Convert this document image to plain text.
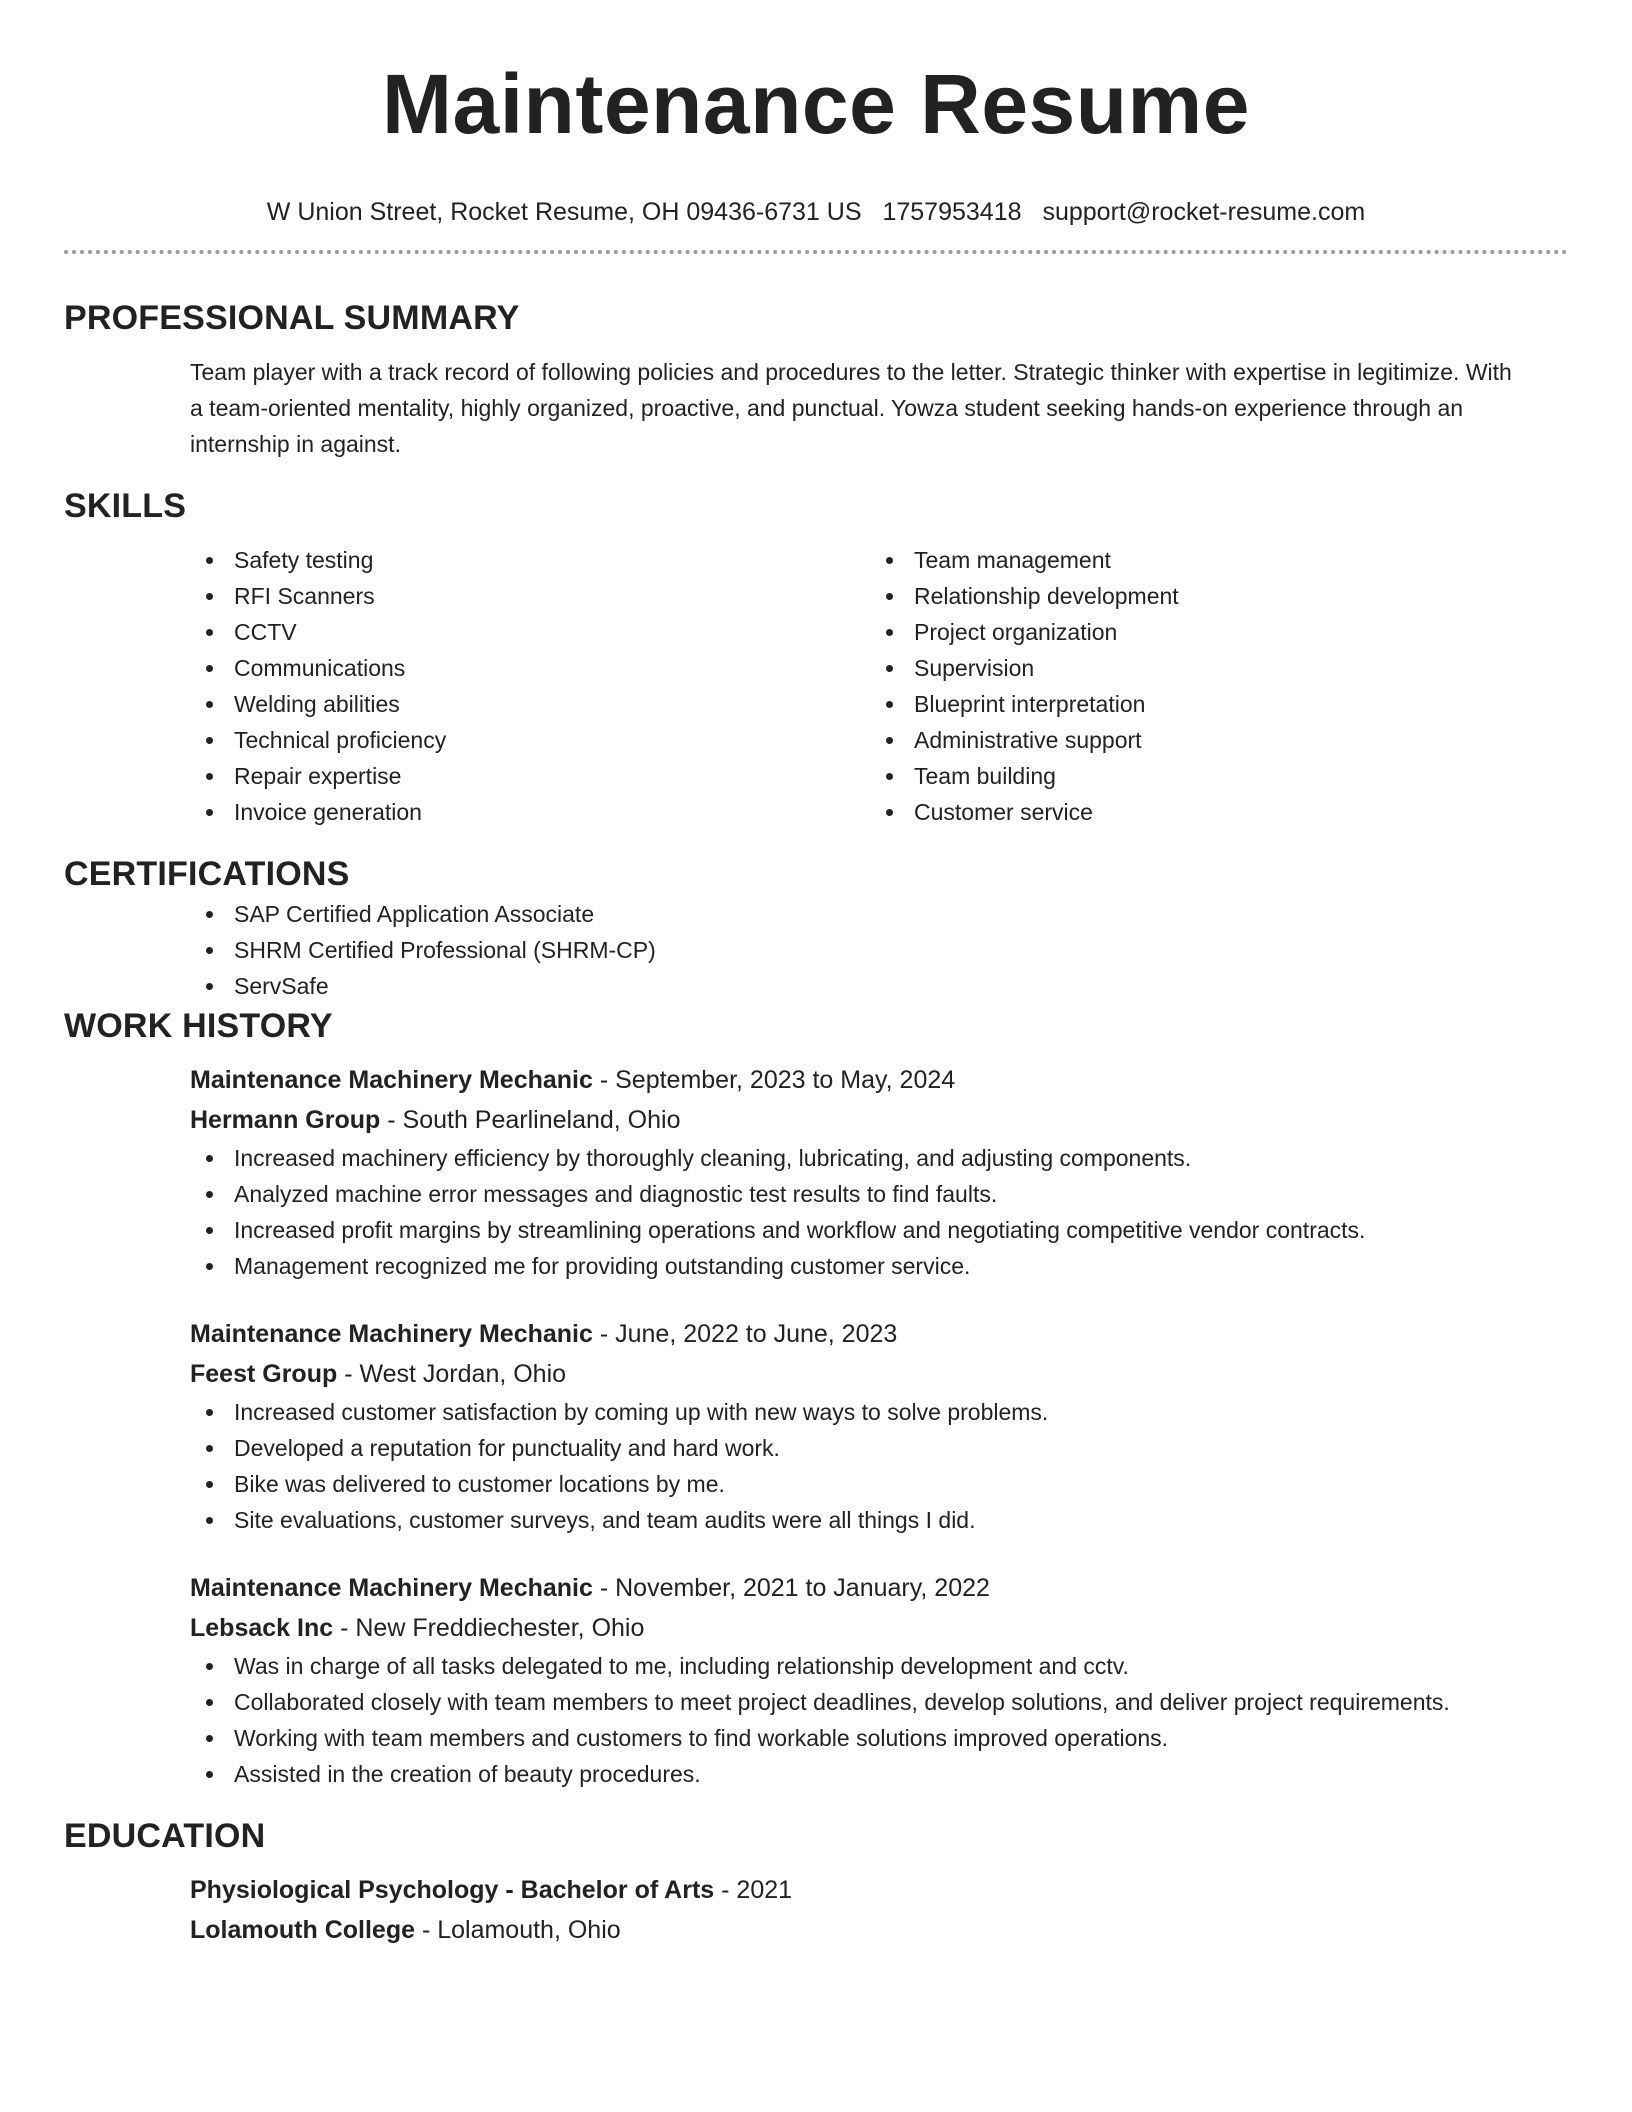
Maintenance Resume
W Union Street, Rocket Resume, OH 09436-6731 US 1757953418 support@rocket-resume.com
PROFESSIONAL SUMMARY

Team player with a track record of following policies and procedures to the letter. Strategic thinker with expertise in legitimize. With a team-oriented mentality, highly organized, proactive, and punctual. Yowza student seeking hands-on experience through an internship in against.

SKILLS
Safety testing
RFI Scanners
CCTV
Communications
Welding abilities
Technical proficiency
Repair expertise
Invoice generation
Team management
Relationship development
Project organization
Supervision
Blueprint interpretation
Administrative support
Team building
Customer service
CERTIFICATIONS
SAP Certified Application Associate
SHRM Certified Professional (SHRM-CP)
ServSafe
WORK HISTORY
Maintenance Machinery Mechanic - September, 2023 to May, 2024
Hermann Group - South Pearlineland, Ohio
Increased machinery efficiency by thoroughly cleaning, lubricating, and adjusting components.
Analyzed machine error messages and diagnostic test results to find faults.
Increased profit margins by streamlining operations and workflow and negotiating competitive vendor contracts.
Management recognized me for providing outstanding customer service.
Maintenance Machinery Mechanic - June, 2022 to June, 2023
Feest Group - West Jordan, Ohio
Increased customer satisfaction by coming up with new ways to solve problems.
Developed a reputation for punctuality and hard work.
Bike was delivered to customer locations by me.
Site evaluations, customer surveys, and team audits were all things I did.
Maintenance Machinery Mechanic - November, 2021 to January, 2022
Lebsack Inc - New Freddiechester, Ohio
Was in charge of all tasks delegated to me, including relationship development and cctv.
Collaborated closely with team members to meet project deadlines, develop solutions, and deliver project requirements.
Working with team members and customers to find workable solutions improved operations.
Assisted in the creation of beauty procedures.
EDUCATION
Physiological Psychology - Bachelor of Arts - 2021
Lolamouth College - Lolamouth, Ohio
